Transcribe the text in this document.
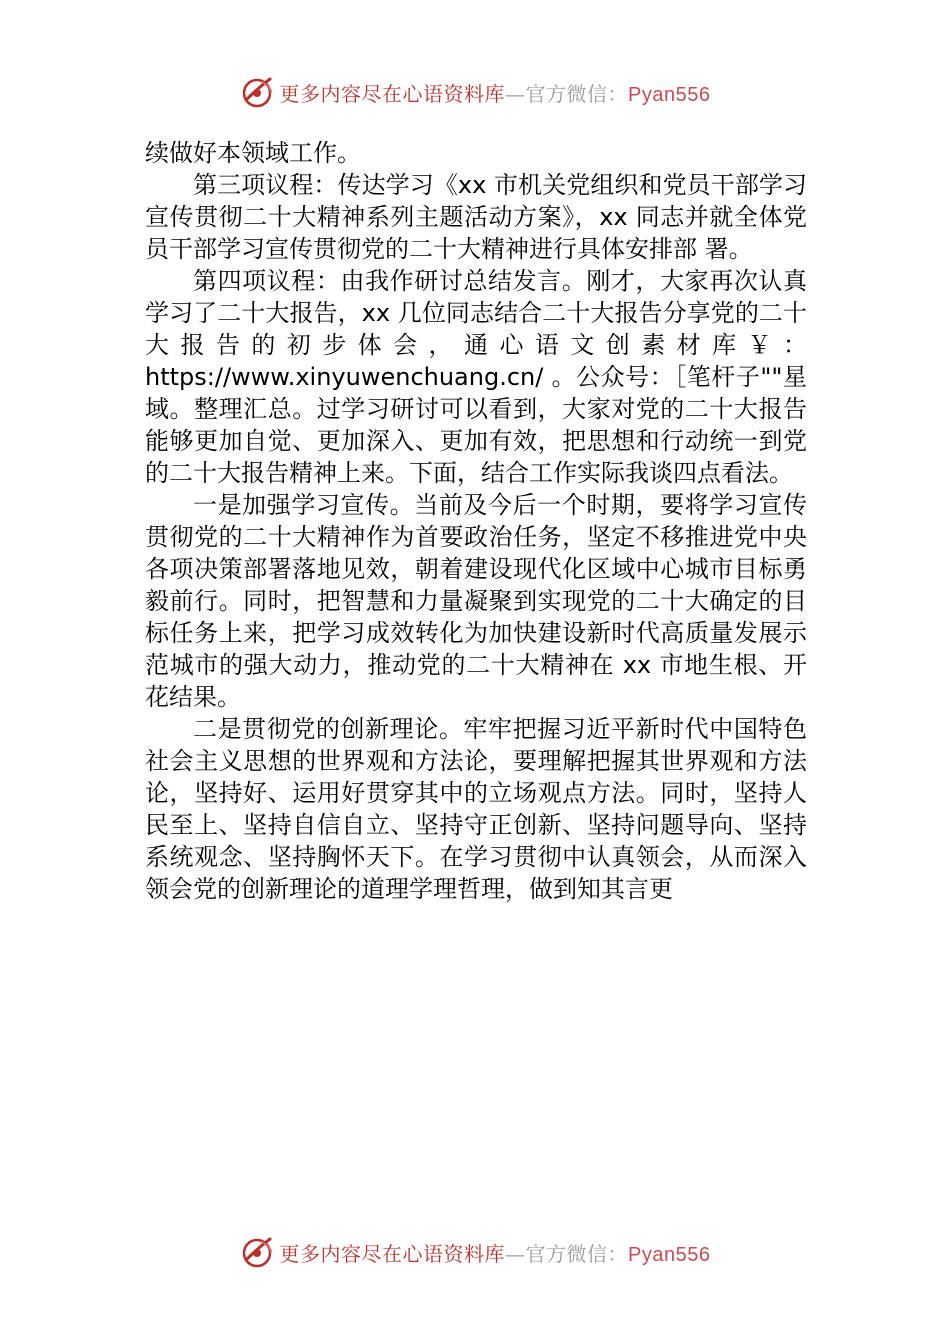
更多内容尽在心语资料库—官方微信：Pyan556

续做好本领域工作。

第三项议程：传达学习《xx 市机关党组织和党员干部学习宣传贯彻二十大精神系列主题活动方案》，xx 同志并就全体党员干部学习宣传贯彻党的二十大精神进行具体安排部 署。

第四项议程：由我作研讨总结发言。刚才，大家再次认真学习了二十大报告，xx 几位同志结合二十大报告分享党的二十大报告的初步体会，通心语文创素材库￥：https://www.xinyuwenchuang.cn/ 。公众号：［笔杆子""星域。整理汇总。过学习研讨可以看到，大家对党的二十大报告能够更加自觉、更加深入、更加有效，把思想和行动统一到党的二十大报告精神上来。下面，结合工作实际我谈四点看法。

一是加强学习宣传。当前及今后一个时期，要将学习宣传贯彻党的二十大精神作为首要政治任务，坚定不移推进党中央各项决策部署落地见效，朝着建设现代化区域中心城市目标勇毅前行。同时，把智慧和力量凝聚到实现党的二十大确定的目标任务上来，把学习成效转化为加快建设新时代高质量发展示范城市的强大动力，推动党的二十大精神在 xx 市地生根、开花结果。

二是贯彻党的创新理论。牢牢把握习近平新时代中国特色社会主义思想的世界观和方法论，要理解把握其世界观和方法论，坚持好、运用好贯穿其中的立场观点方法。同时，坚持人民至上、坚持自信自立、坚持守正创新、坚持问题导向、坚持系统观念、坚持胸怀天下。在学习贯彻中认真领会，从而深入领会党的创新理论的道理学理哲理，做到知其言更

更多内容尽在心语资料库—官方微信：Pyan556
